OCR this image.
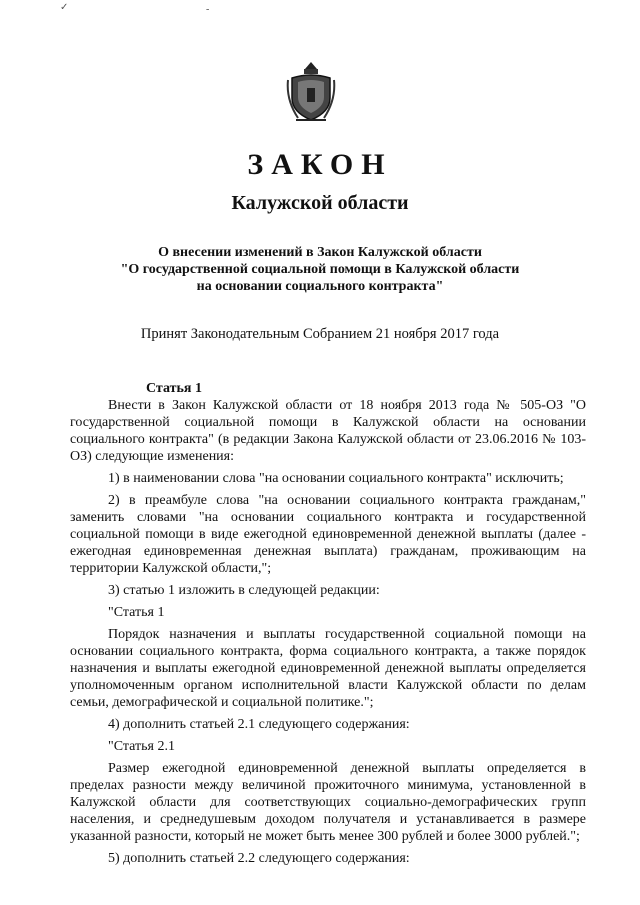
✓	-
ЗАКОН
Калужской области
О внесении изменений в Закон Калужской области
"О государственной социальной помощи в Калужской области
на основании социального контракта"
Принят Законодательным Собранием 21 ноября 2017 года

Статья 1

Внести в Закон Калужской области от 18 ноября 2013 года № 505-ОЗ "О государственной социальной помощи в Калужской области на основании социального контракта" (в редакции Закона Калужской области от 23.06.2016 № 103-ОЗ) следующие изменения:

1) в наименовании слова "на основании социального контракта" исключить;

2) в преамбуле слова "на основании социального контракта гражданам," заменить словами "на основании социального контракта и государственной социальной помощи в виде ежегодной единовременной денежной выплаты (далее - ежегодная единовременная денежная выплата) гражданам, проживающим на территории Калужской области,";

3) статью 1 изложить в следующей редакции:

"Статья 1

Порядок назначения и выплаты государственной социальной помощи на основании социального контракта, форма социального контракта, а также порядок назначения и выплаты ежегодной единовременной денежной выплаты определяется уполномоченным органом исполнительной власти Калужской области по делам семьи, демографической и социальной политике.";

4) дополнить статьей 2.1 следующего содержания:

"Статья 2.1

Размер ежегодной единовременной денежной выплаты определяется в пределах разности между величиной прожиточного минимума, установленной в Калужской области для соответствующих социально-демографических групп населения, и среднедушевым доходом получателя и устанавливается в размере указанной разности, который не может быть менее 300 рублей и более 3000 рублей.";

5) дополнить статьей 2.2 следующего содержания:
